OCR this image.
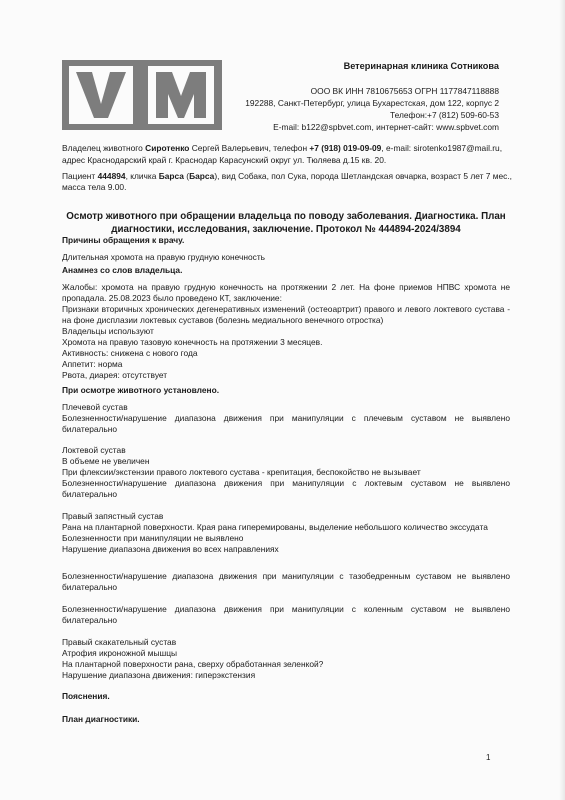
Ветеринарная клиника Сотникова
ООО ВК ИНН 7810675653 ОГРН 1177847118888
192288, Санкт-Петербург, улица Бухарестская, дом 122, корпус 2
Телефон:+7 (812) 509-60-53
E-mail: b122@spbvet.com, интернет-сайт: www.spbvet.com
Владелец животного Сиротенко Сергей Валерьевич, телефон +7 (918) 019-09-09, e-mail: sirotenko1987@mail.ru,
адрес Краснодарский край г. Краснодар Карасунский округ ул. Тюляева д.15 кв. 20.
Пациент 444894, кличка Барса (Барса), вид Собака, пол Сука, порода Шетландская овчарка, возраст 5 лет 7 мес.,
масса тела 9.00.
Осмотр животного при обращении владельца по поводу заболевания. Диагностика. План диагностики, исследования, заключение. Протокол № 444894-2024/3894
Причины обращения к врачу.
Длительная хромота на правую грудную конечность
Анамнез со слов владельца.
Жалобы: хромота на правую грудную конечность на протяжении 2 лет. На фоне приемов НПВС хромота не пропадала. 25.08.2023 было проведено КТ, заключение:
Признаки вторичных хронических дегенеративных изменений (остеоартрит) правого и левого локтевого сустава - на фоне дисплазии локтевых суставов (болезнь медиального венечного отростка)
Владельцы используют
Хромота на правую тазовую конечность на протяжении 3 месяцев.
Активность: снижена с нового года
Аппетит: норма
Рвота, диарея: отсутствует
При осмотре животного установлено.
Плечевой сустав
Болезненности/нарушение диапазона движения при манипуляции с плечевым суставом не выявлено билатерально
Локтевой сустав
В объеме не увеличен
При флексии/экстензии правого локтевого сустава - крепитация, беспокойство не вызывает
Болезненности/нарушение диапазона движения при манипуляции с локтевым суставом не выявлено билатерально
Правый запястный сустав
Рана на плантарной поверхности. Края рана гиперемированы, выделение небольшого количество экссудата
Болезненности при манипуляции не выявлено
Нарушение диапазона движения во всех направлениях
Болезненности/нарушение диапазона движения при манипуляции с тазобедренным суставом не выявлено билатерально
Болезненности/нарушение диапазона движения при манипуляции с коленным суставом не выявлено билатерально
Правый скакательный сустав
Атрофия икроножной мышцы
На плантарной поверхности рана, сверху обработанная зеленкой?
Нарушение диапазона движения: гиперэкстензия
Пояснения.
План диагностики.
1
